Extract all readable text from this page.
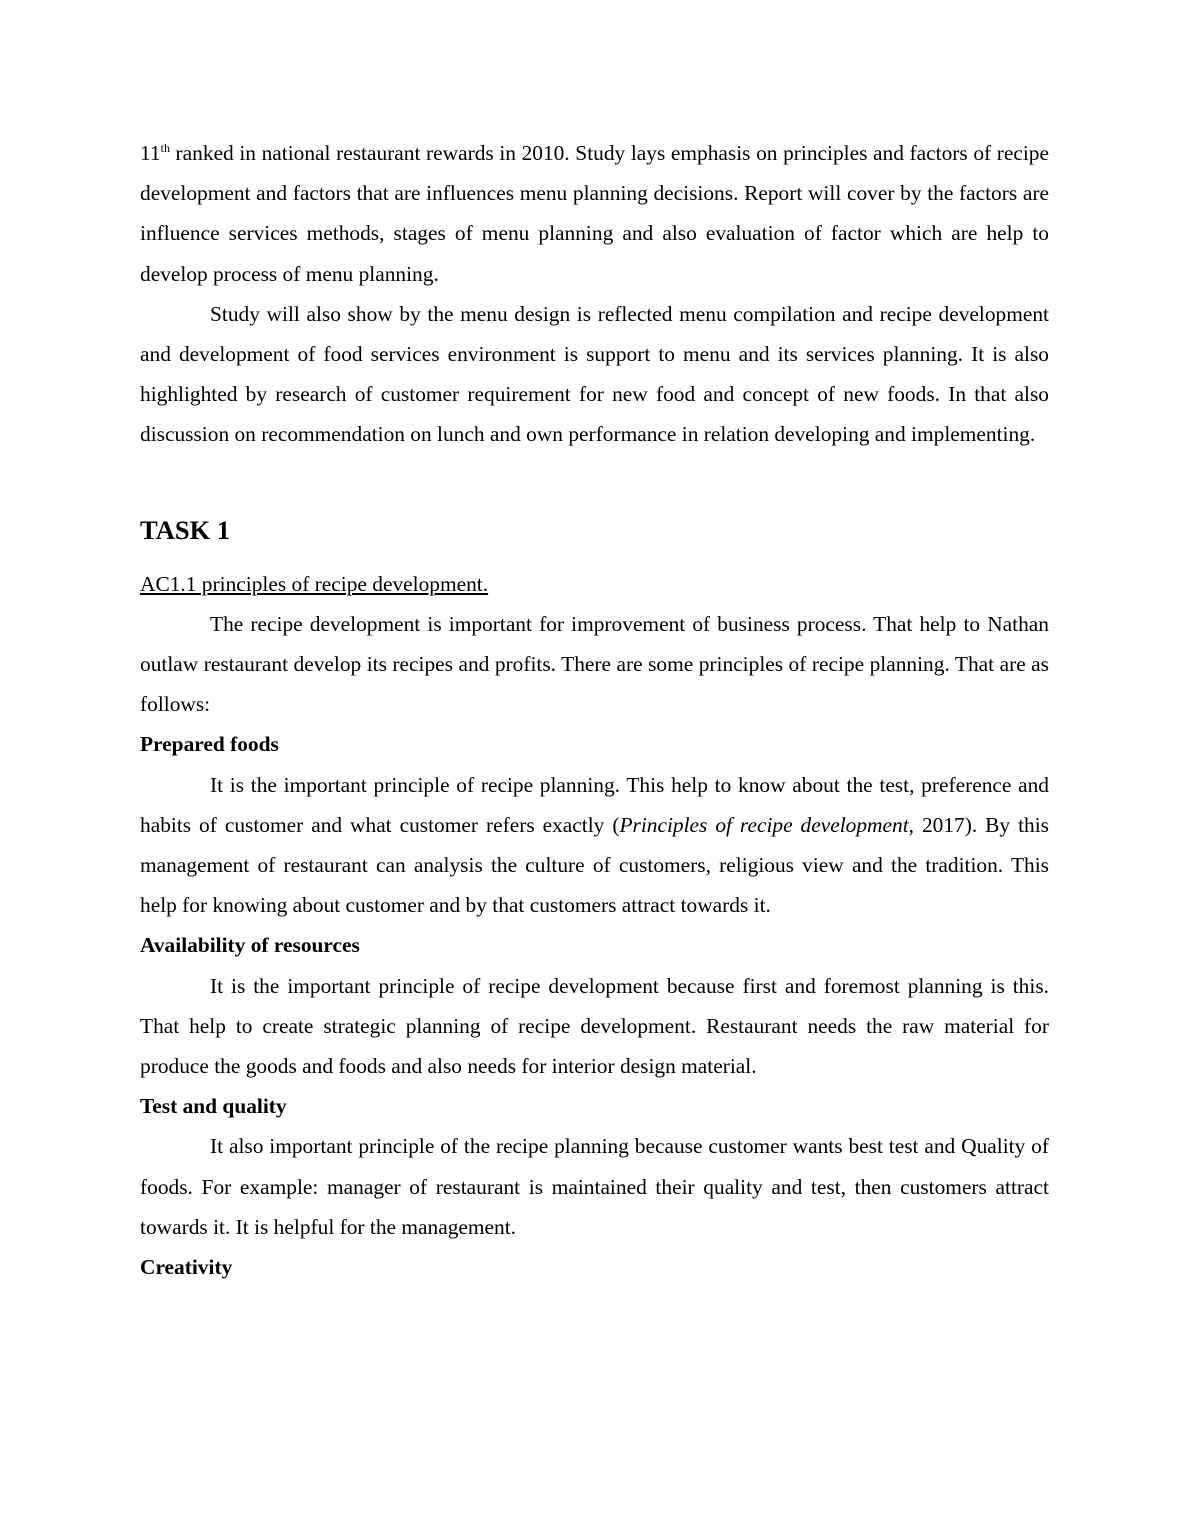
11th ranked in national restaurant rewards in 2010. Study lays emphasis on principles and factors of recipe development and factors that are influences menu planning decisions. Report will cover by the factors are influence services methods, stages of menu planning and also evaluation of factor which are help to develop process of menu planning.

Study will also show by the menu design is reflected menu compilation and recipe development and development of food services environment is support to menu and its services planning. It is also highlighted by research of customer requirement for new food and concept of new foods. In that also discussion on recommendation on lunch and own performance in relation developing and implementing.

TASK 1

AC1.1 principles of recipe development.

The recipe development is important for improvement of business process. That help to Nathan outlaw restaurant develop its recipes and profits. There are some principles of recipe planning. That are as follows:

Prepared foods

It is the important principle of recipe planning. This help to know about the test, preference and habits of customer and what customer refers exactly (Principles of recipe development, 2017). By this management of restaurant can analysis the culture of customers, religious view and the tradition. This help for knowing about customer and by that customers attract towards it.

Availability of resources

It is the important principle of recipe development because first and foremost planning is this. That help to create strategic planning of recipe development. Restaurant needs the raw material for produce the goods and foods and also needs for interior design material.

Test and quality

It also important principle of the recipe planning because customer wants best test and Quality of foods. For example: manager of restaurant is maintained their quality and test, then customers attract towards it. It is helpful for the management.

Creativity
